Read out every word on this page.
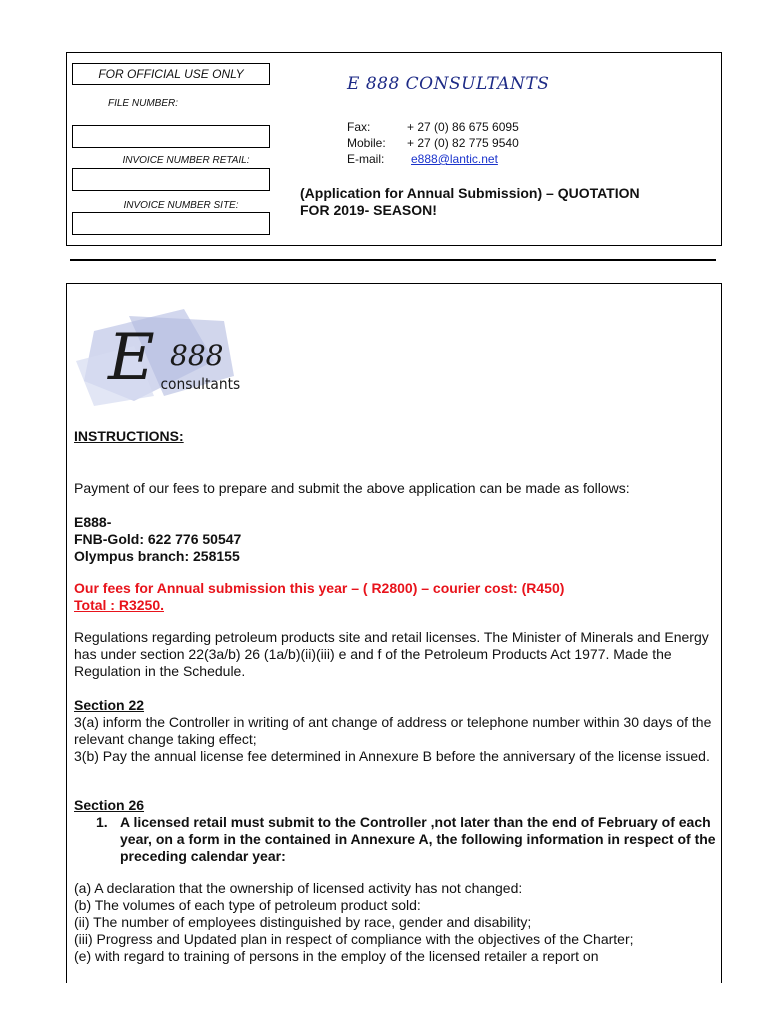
FOR OFFICIAL USE ONLY
FILE NUMBER:
INVOICE NUMBER RETAIL:
INVOICE NUMBER SITE:
E 888 CONSULTANTS
Fax:	+ 27 (0) 86 675 6095
Mobile: + 27 (0) 82 775 9540
E-mail: e888@lantic.net

(Application for Annual Submission) – QUOTATION

FOR 2019- SEASON!

E 888
consultants
INSTRUCTIONS:
Payment of our fees to prepare and submit the above application can be made as follows:

E888-

FNB-Gold: 622 776 50547

Olympus branch: 258155

Our fees for Annual submission this year – ( R2800) – courier cost: (R450)

Total : R3250.

Regulations regarding petroleum products site and retail licenses. The Minister of Minerals and Energy has under section 22(3a/b) 26 (1a/b)(ii)(iii) e and f of the Petroleum Products Act 1977. Made the Regulation in the Schedule.

Section 22

3(a) inform the Controller in writing of ant change of address or telephone number within 30 days of the relevant change taking effect;

3(b) Pay the annual license fee determined in Annexure B before the anniversary of the license issued.

Section 26
1. A licensed retail must submit to the Controller ,not later than the end of February of each year, on a form in the contained in Annexure A, the following information in respect of the preceding calendar year:

(a) A declaration that the ownership of licensed activity has not changed:

(b) The volumes of each type of petroleum product sold:

(ii) The number of employees distinguished by race, gender and disability;

(iii) Progress and Updated plan in respect of compliance with the objectives of the Charter;

(e) with regard to training of persons in the employ of the licensed retailer a report on
